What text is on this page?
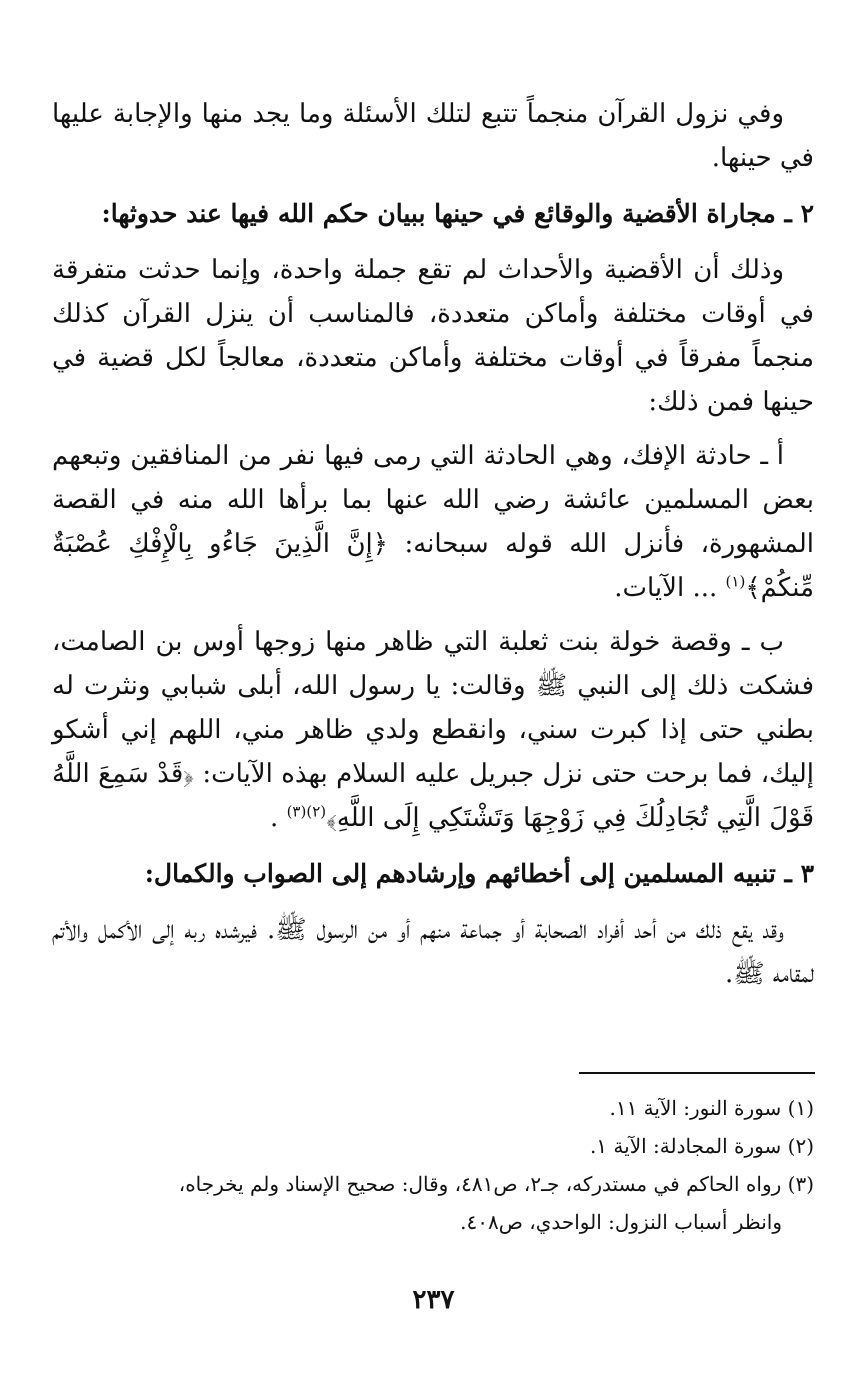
وفي نزول القرآن منجماً تتبع لتلك الأسئلة وما يجد منها والإجابة عليها في حينها.

٢ ـ مجاراة الأقضية والوقائع في حينها ببيان حكم الله فيها عند حدوثها:

وذلك أن الأقضية والأحداث لم تقع جملة واحدة، وإنما حدثت متفرقة في أوقات مختلفة وأماكن متعددة، فالمناسب أن ينزل القرآن كذلك منجماً مفرقاً في أوقات مختلفة وأماكن متعددة، معالجاً لكل قضية في حينها فمن ذلك:

أ ـ حادثة الإفك، وهي الحادثة التي رمى فيها نفر من المنافقين وتبعهم بعض المسلمين عائشة رضي الله عنها بما برأها الله منه في القصة المشهورة، فأنزل الله قوله سبحانه: ﴿إِنَّ الَّذِينَ جَاءُو بِالْإِفْكِ عُصْبَةٌ مِّنكُمْ﴾$^{(١)}$ ... الآيات.

ب ـ وقصة خولة بنت ثعلبة التي ظاهر منها زوجها أوس بن الصامت، فشكت ذلك إلى النبي ﷺ وقالت: يا رسول الله، أبلى شبابي ونثرت له بطني حتى إذا كبرت سني، وانقطع ولدي ظاهر مني، اللهم إني أشكو إليك، فما برحت حتى نزل جبريل عليه السلام بهذه الآيات: ﴿قَدْ سَمِعَ اللَّهُ قَوْلَ الَّتِي تُجَادِلُكَ فِي زَوْجِهَا وَتَشْتَكِي إِلَى اللَّهِ﴾$^{(٢)(٣)}$ .

٣ ـ تنبيه المسلمين إلى أخطائهم وإرشادهم إلى الصواب والكمال:

وقد يقع ذلك من أحد أفراد الصحابة أو جماعة منهم أو من الرسول ﷺ. فيرشده ربه إلى الأكمل والأتم لمقامه ﷺ.

(١) سورة النور: الآية ١١.

(٢) سورة المجادلة: الآية ١.

(٣) رواه الحاكم في مستدركه، جـ٢، ص٤٨١، وقال: صحيح الإسناد ولم يخرجاه،

وانظر أسباب النزول: الواحدي، ص٤٠٨.

٢٣٧
